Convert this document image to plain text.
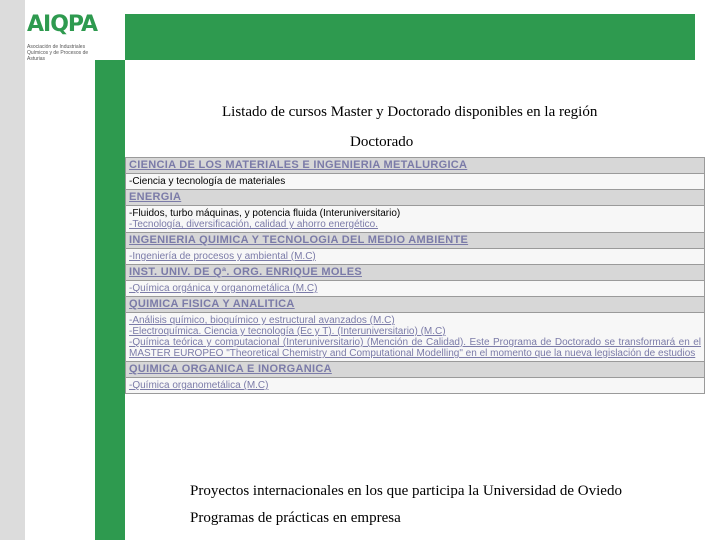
AIQPA
Asociación de Industriales Químicos y de Procesos de Asturias
Listado de cursos Master y Doctorado disponibles en la región
Doctorado
CIENCIA DE LOS MATERIALES E INGENIERIA METALURGICA

-Ciencia y tecnología de materiales

ENERGIA

-Fluidos, turbo máquinas, y potencia fluida (Interuniversitario)
-Tecnología, diversificación, calidad y ahorro energético.

INGENIERIA QUIMICA Y TECNOLOGIA DEL MEDIO AMBIENTE

-Ingeniería de procesos y ambiental (M.C)

INST. UNIV. DE Qª. ORG. ENRIQUE MOLES

-Química orgánica y organometálica (M.C)

QUIMICA FISICA Y ANALITICA

-Análisis químico, bioquímico y estructural avanzados (M.C)
-Electroquímica. Ciencia y tecnología (Ec y T). (Interuniversitario) (M.C)
-Química teórica y computacional (Interuniversitario) (Mención de Calidad). Este Programa de Doctorado se transformará en el MASTER EUROPEO "Theoretical Chemistry and Computational Modelling" en el momento que la nueva legislación de estudios

QUIMICA ORGANICA E INORGANICA

-Química organometálica (M.C)
Proyectos internacionales en los que participa la Universidad de Oviedo
Programas de prácticas en empresa
